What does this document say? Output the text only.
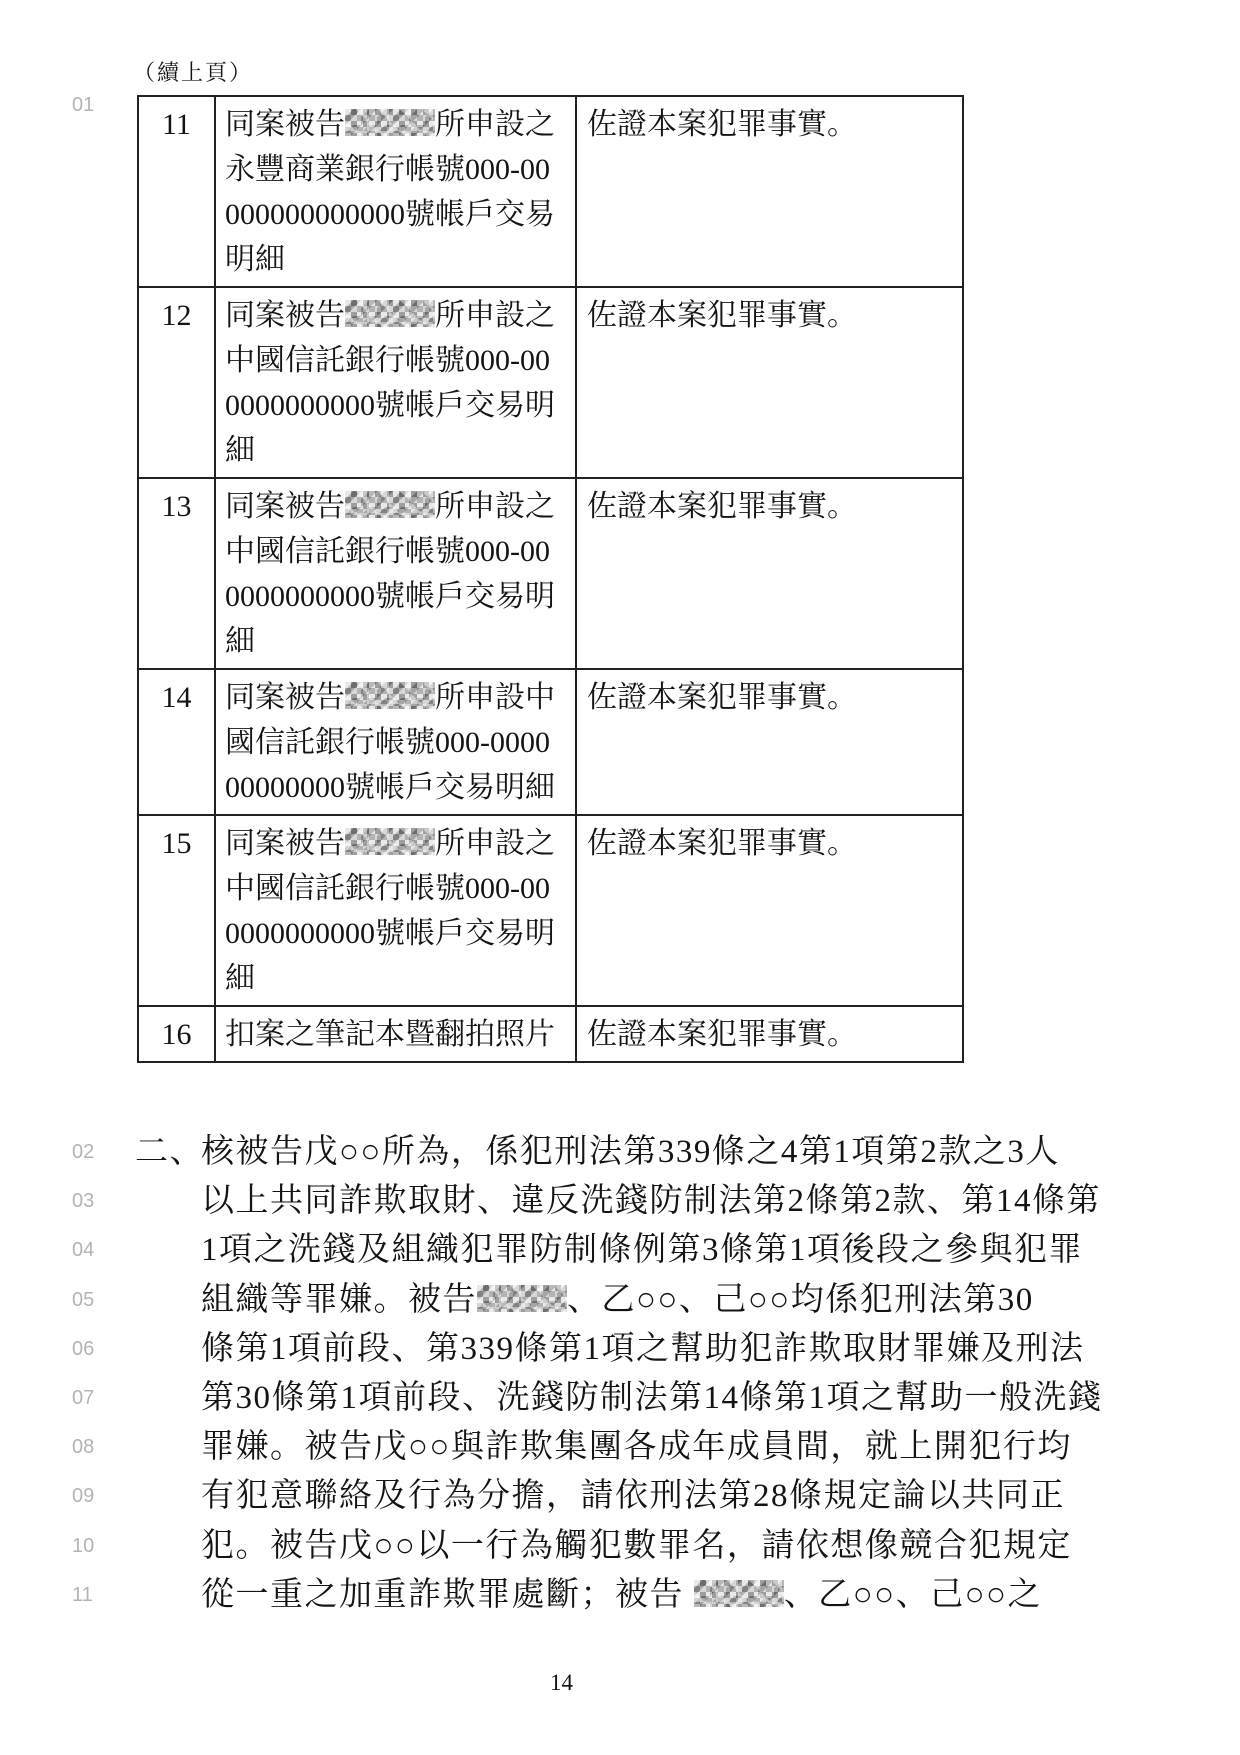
（續上頁）
01
11	同案被告 所申設之
永豐商業銀行帳號000-00
000000000000號帳戶交易
明細	佐證本案犯罪事實。

12	同案被告 所申設之
中國信託銀行帳號000-00
0000000000號帳戶交易明
細	佐證本案犯罪事實。

13	同案被告 所申設之
中國信託銀行帳號000-00
0000000000號帳戶交易明
細	佐證本案犯罪事實。

14	同案被告 所申設中
國信託銀行帳號000-0000
00000000號帳戶交易明細	佐證本案犯罪事實。

15	同案被告 所申設之
中國信託銀行帳號000-00
0000000000號帳戶交易明
細	佐證本案犯罪事實。

16	扣案之筆記本暨翻拍照片	佐證本案犯罪事實。
02
03
04
05
06
07
08
09
10
11
二、
核被告戊○○所為，係犯刑法第339條之4第1項第2款之3人
以上共同詐欺取財、違反洗錢防制法第2條第2款、第14條第
1項之洗錢及組織犯罪防制條例第3條第1項後段之參與犯罪
組織等罪嫌。被告	、乙○○、己○○均係犯刑法第30
條第1項前段、第339條第1項之幫助犯詐欺取財罪嫌及刑法
第30條第1項前段、洗錢防制法第14條第1項之幫助一般洗錢
罪嫌。被告戊○○與詐欺集團各成年成員間，就上開犯行均
有犯意聯絡及行為分擔，請依刑法第28條規定論以共同正
犯。被告戊○○以一行為觸犯數罪名，請依想像競合犯規定
從一重之加重詐欺罪處斷；被告	、乙○○、己○○之
14
